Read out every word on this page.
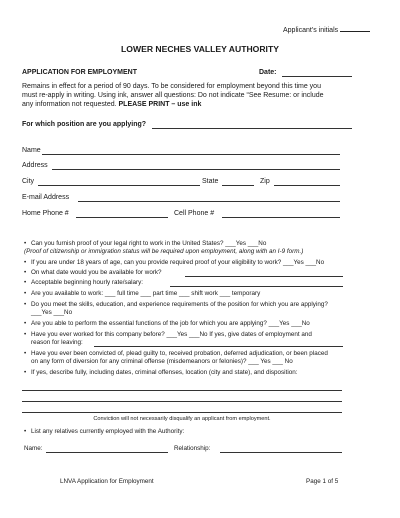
Applicant’s initials
LOWER NECHES VALLEY AUTHORITY
APPLICATION FOR EMPLOYMENT	Date:
Remains in effect for a period of 90 days. To be considered for employment beyond this time you
must re-apply in writing. Using ink, answer all questions: Do not indicate “See Resume: or include
any information not requested. PLEASE PRINT – use ink
For which position are you applying?
Name
Address
City	State	Zip
E-mail Address
Home Phone #	Cell Phone #
• Can you furnish proof of your legal right to work in the United States? ___Yes ___No
(Proof of citizenship or immigration status will be required upon employment, along with an I-9 form.)
• If you are under 18 years of age, can you provide required proof of your eligibility to work? ___Yes ___No
• On what date would you be available for work?
• Acceptable beginning hourly rate/salary:
• Are you available to work: ___ full time ___ part time ___ shift work ___ temporary
• Do you meet the skills, education, and experience requirements of the position for which you are applying?
___Yes ___No
• Are you able to perform the essential functions of the job for which you are applying? ___Yes ___No
• Have you ever worked for this company before? ___Yes ___No If yes, give dates of employment and
reason for leaving:
• Have you ever been convicted of, plead guilty to, received probation, deferred adjudication, or been placed
on any form of diversion for any criminal offense (misdemeanors or felonies)? ___ Yes ___ No
• If yes, describe fully, including dates, criminal offenses, location (city and state), and disposition:
Conviction will not necessarily disqualify an applicant from employment.
• List any relatives currently employed with the Authority:
Name:	Relationship:
LNVA Application for Employment	Page 1 of 5
